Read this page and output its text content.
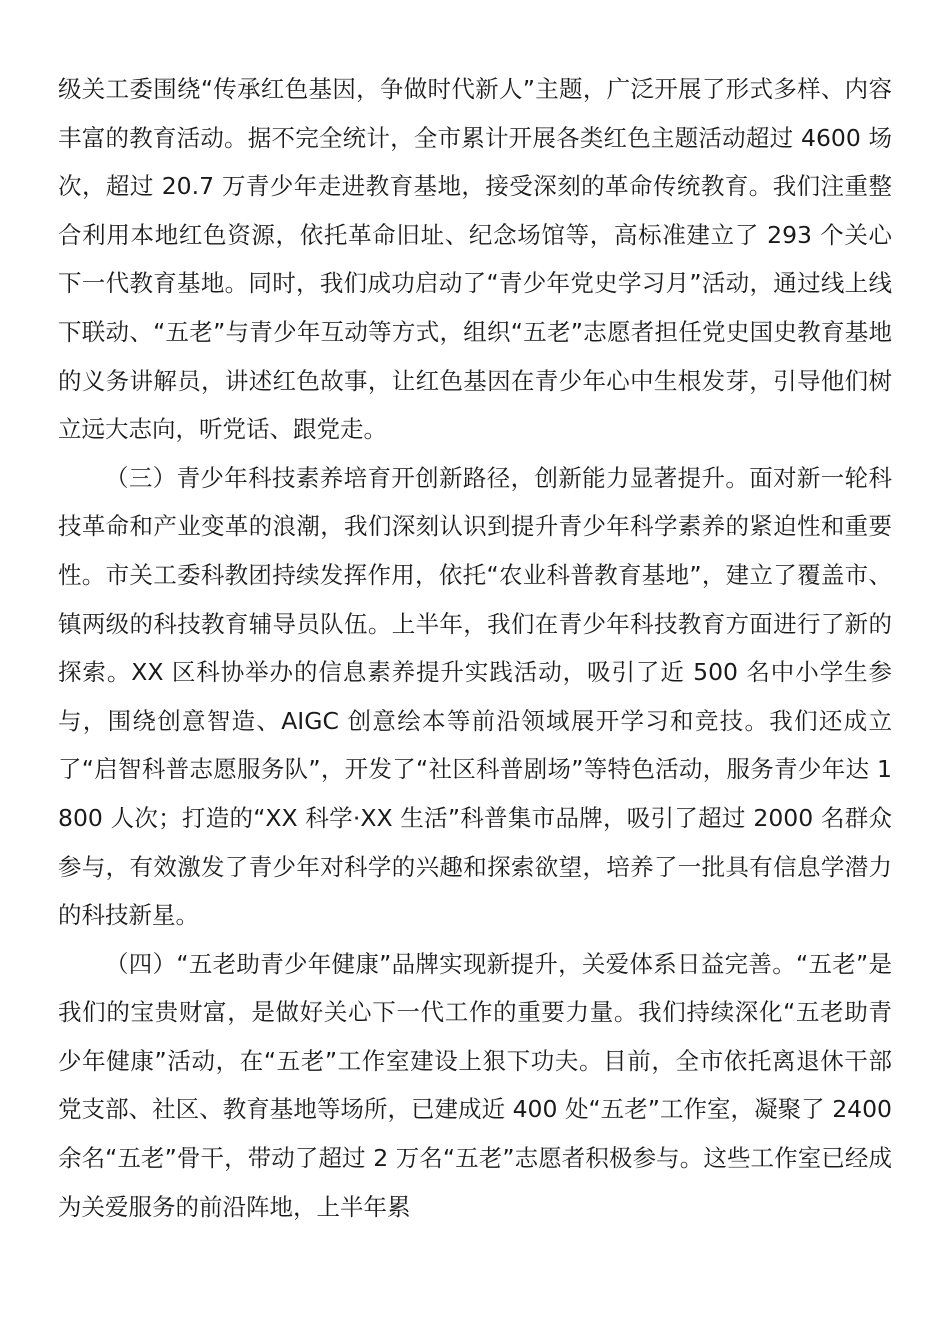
级关工委围绕“传承红色基因，争做时代新人”主题，广泛开展了形式多样、内容丰富的教育活动。据不完全统计，全市累计开展各类红色主题活动超过 4600 场次，超过 20.7 万青少年走进教育基地，接受深刻的革命传统教育。我们注重整合利用本地红色资源，依托革命旧址、纪念场馆等，高标准建立了 293 个关心下一代教育基地。同时，我们成功启动了“青少年党史学习月”活动，通过线上线下联动、“五老”与青少年互动等方式，组织“五老”志愿者担任党史国史教育基地的义务讲解员，讲述红色故事，让红色基因在青少年心中生根发芽，引导他们树立远大志向，听党话、跟党走。

（三）青少年科技素养培育开创新路径，创新能力显著提升。面对新一轮科技革命和产业变革的浪潮，我们深刻认识到提升青少年科学素养的紧迫性和重要性。市关工委科教团持续发挥作用，依托“农业科普教育基地”，建立了覆盖市、镇两级的科技教育辅导员队伍。上半年，我们在青少年科技教育方面进行了新的探索。XX 区科协举办的信息素养提升实践活动，吸引了近 500 名中小学生参与，围绕创意智造、AIGC 创意绘本等前沿领域展开学习和竞技。我们还成立了“启智科普志愿服务队”，开发了“社区科普剧场”等特色活动，服务青少年达 1800 人次；打造的“XX 科学·XX 生活”科普集市品牌，吸引了超过 2000 名群众参与，有效激发了青少年对科学的兴趣和探索欲望，培养了一批具有信息学潜力的科技新星。

（四）“五老助青少年健康”品牌实现新提升，关爱体系日益完善。“五老”是我们的宝贵财富，是做好关心下一代工作的重要力量。我们持续深化“五老助青少年健康”活动，在“五老”工作室建设上狠下功夫。目前，全市依托离退休干部党支部、社区、教育基地等场所，已建成近 400 处“五老”工作室，凝聚了 2400 余名“五老”骨干，带动了超过 2 万名“五老”志愿者积极参与。这些工作室已经成为关爱服务的前沿阵地，上半年累
